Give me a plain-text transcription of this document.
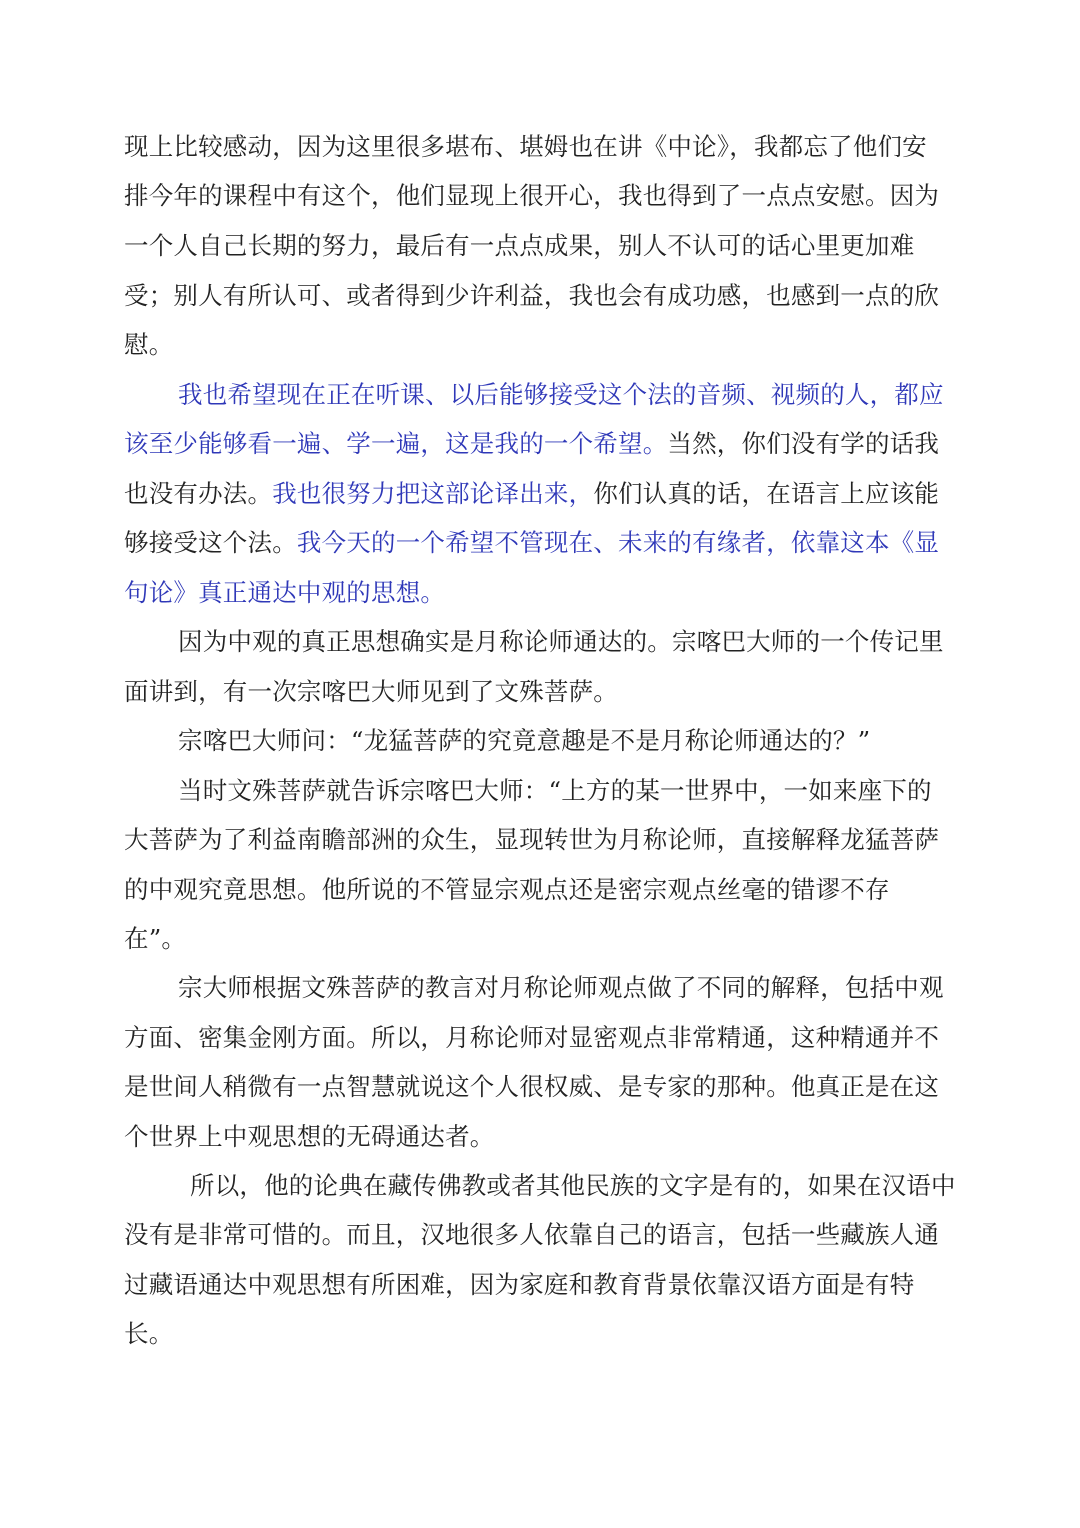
现上比较感动，因为这里很多堪布、堪姆也在讲《中论》，我都忘了他们安
排今年的课程中有这个，他们显现上很开心，我也得到了一点点安慰。因为
一个人自己长期的努力，最后有一点点成果，别人不认可的话心里更加难
受；别人有所认可、或者得到少许利益，我也会有成功感，也感到一点的欣
慰。
我也希望现在正在听课、以后能够接受这个法的音频、视频的人，都应
该至少能够看一遍、学一遍，这是我的一个希望。当然，你们没有学的话我
也没有办法。我也很努力把这部论译出来，你们认真的话，在语言上应该能
够接受这个法。我今天的一个希望不管现在、未来的有缘者，依靠这本《显
句论》真正通达中观的思想。
因为中观的真正思想确实是月称论师通达的。宗喀巴大师的一个传记里
面讲到，有一次宗喀巴大师见到了文殊菩萨。
宗喀巴大师问：“龙猛菩萨的究竟意趣是不是月称论师通达的？”
当时文殊菩萨就告诉宗喀巴大师：“上方的某一世界中，一如来座下的
大菩萨为了利益南瞻部洲的众生，显现转世为月称论师，直接解释龙猛菩萨
的中观究竟思想。他所说的不管显宗观点还是密宗观点丝毫的错谬不存
在”。
宗大师根据文殊菩萨的教言对月称论师观点做了不同的解释，包括中观
方面、密集金刚方面。所以，月称论师对显密观点非常精通，这种精通并不
是世间人稍微有一点智慧就说这个人很权威、是专家的那种。他真正是在这
个世界上中观思想的无碍通达者。
所以，他的论典在藏传佛教或者其他民族的文字是有的，如果在汉语中
没有是非常可惜的。而且，汉地很多人依靠自己的语言，包括一些藏族人通
过藏语通达中观思想有所困难，因为家庭和教育背景依靠汉语方面是有特
长。
